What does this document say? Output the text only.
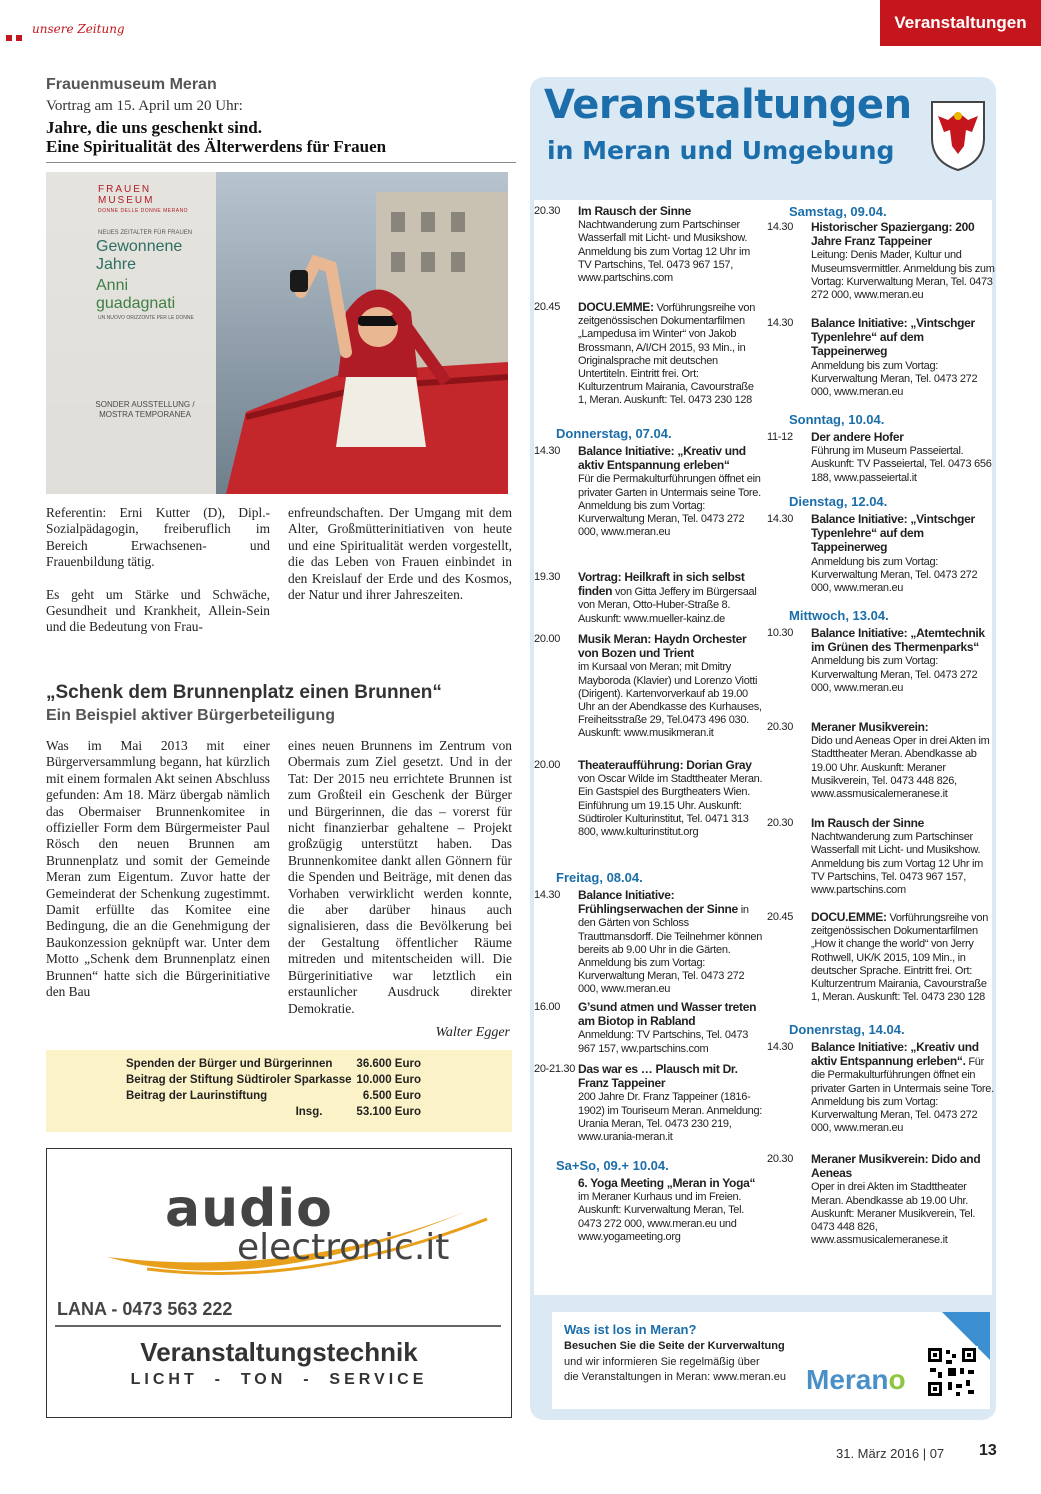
unsere Zeitung	Veranstaltungen
Frauenmuseum Meran
Vortrag am 15. April um 20 Uhr:
Jahre, die uns geschenkt sind.
Eine Spiritualität des Älterwerdens für Frauen
FRAUEN
MUSEUM
DONNE DELLE DONNE MERANO
NEUES ZEITALTER FÜR FRAUEN
Gewonnene
Jahre
Anni
guadagnati
UN NUOVO ORIZZONTE PER LE DONNE
SONDER AUSSTELLUNG /
MOSTRA TEMPORANEA

Referentin: Erni Kutter (D), Dipl.-Sozialpädagogin, freiberuflich im Bereich Erwachsenen- und Frauenbildung tätig.

Es geht um Stärke und Schwäche, Gesundheit und Krankheit, Allein-Sein und die Bedeutung von Frau-

enfreundschaften. Der Umgang mit dem Alter, Großmütterinitiativen von heute und eine Spiritualität werden vorgestellt, die das Leben von Frauen einbindet in den Kreislauf der Erde und des Kosmos, der Natur und ihrer Jahreszeiten.

„Schenk dem Brunnenplatz einen Brunnen“
Ein Beispiel aktiver Bürgerbeteiligung
Was im Mai 2013 mit einer Bürgerversammlung begann, hat kürzlich mit einem formalen Akt seinen Abschluss gefunden: Am 18. März übergab nämlich das Obermaiser Brunnenkomitee in offizieller Form dem Bürgermeister Paul Rösch den neuen Brunnen am Brunnenplatz und somit der Gemeinde Meran zum Eigentum. Zuvor hatte der Gemeinderat der Schenkung zugestimmt. Damit erfüllte das Komitee eine Bedingung, die an die Genehmigung der Baukonzession geknüpft war. Unter dem Motto „Schenk dem Brunnenplatz einen Brunnen“ hatte sich die Bürgerinitiative den Bau
eines neuen Brunnens im Zentrum von Obermais zum Ziel gesetzt. Und in der Tat: Der 2015 neu errichtete Brunnen ist zum Großteil ein Geschenk der Bürger und Bürgerinnen, die das – vorerst für nicht finanzierbar gehaltene – Projekt großzügig unterstützt haben. Das Brunnenkomitee dankt allen Gönnern für die Spenden und Beiträge, mit denen das Vorhaben verwirklicht werden konnte, die aber darüber hinaus auch signalisieren, dass die Bevölkerung bei der Gestaltung öffentlicher Räume mitreden und mitentscheiden will. Die Bürgerinitiative war letztlich ein erstaunlicher Ausdruck direkter Demokratie.
Walter Egger
Spenden der Bürger und Bürgerinnen 36.600 Euro
Beitrag der Stiftung Südtiroler Sparkasse 10.000 Euro
Beitrag der Laurinstiftung	6.500 Euro
Insg.	53.100 Euro
audio
electronic.it
LANA - 0473 563 222
Veranstaltungstechnik
LICHT  -  TON  -  SERVICE
Veranstaltungen
in Meran und Umgebung
20.30	Im Rausch der Sinne
Nachtwanderung zum Partschinser Wasserfall mit Licht- und Musikshow. Anmeldung bis zum Vortag 12 Uhr im TV Partschins, Tel. 0473 967 157, www.partschins.com
20.45	DOCU.EMME: Vorführungsreihe von zeitgenössischen Dokumentarfilmen „Lampedusa im Winter“ von Jakob Brossmann, A/I/CH 2015, 93 Min., in Originalsprache mit deutschen Untertiteln. Eintritt frei. Ort: Kulturzentrum Mairania, Cavourstraße 1, Meran. Auskunft: Tel. 0473 230 128
Donnerstag, 07.04.
14.30	Balance Initiative: „Kreativ und aktiv Entspannung erleben“
Für die Permakulturführungen öffnet ein privater Garten in Untermais seine Tore. Anmeldung bis zum Vortag: Kurverwaltung Meran, Tel. 0473 272 000, www.meran.eu
19.30	Vortrag: Heilkraft in sich selbst finden von Gitta Jeffery im Bürgersaal von Meran, Otto-Huber-Straße 8. Auskunft: www.mueller-kainz.de
20.00	Musik Meran: Haydn Orchester von Bozen und Trient
im Kursaal von Meran; mit Dmitry Mayboroda (Klavier) und Lorenzo Viotti (Dirigent). Kartenvorverkauf ab 19.00 Uhr an der Abendkasse des Kurhauses, Freiheitsstraße 29, Tel.0473 496 030. Auskunft: www.musikmeran.it
20.00	Theateraufführung: Dorian Gray von Oscar Wilde im Stadttheater Meran. Ein Gastspiel des Burgtheaters Wien. Einführung um 19.15 Uhr. Auskunft: Südtiroler Kulturinstitut, Tel. 0471 313 800, www.kulturinstitut.org
Freitag, 08.04.
14.30	Balance Initiative: Frühlingserwachen der Sinne in den Gärten von Schloss Trauttmansdorff. Die Teilnehmer können bereits ab 9.00 Uhr in die Gärten. Anmeldung bis zum Vortag: Kurverwaltung Meran, Tel. 0473 272 000, www.meran.eu
16.00	G’sund atmen und Wasser treten am Biotop in Rabland
Anmeldung: TV Partschins, Tel. 0473 967 157, ww.partschins.com
20-21.30 Das war es … Plausch mit Dr. Franz Tappeiner
200 Jahre Dr. Franz Tappeiner (1816-1902) im Touriseum Meran. Anmeldung: Urania Meran, Tel. 0473 230 219, www.urania-meran.it
Sa+So, 09.+ 10.04.
6. Yoga Meeting „Meran in Yoga“ im Meraner Kurhaus und im Freien. Auskunft: Kurverwaltung Meran, Tel. 0473 272 000, www.meran.eu und www.yogameeting.org
Samstag, 09.04.
14.30	Historischer Spaziergang: 200 Jahre Franz Tappeiner
Leitung: Denis Mader, Kultur und Museumsvermittler. Anmeldung bis zum Vortag: Kurverwaltung Meran, Tel. 0473 272 000, www.meran.eu
14.30	Balance Initiative: „Vintschger Typenlehre“ auf dem Tappeinerweg
Anmeldung bis zum Vortag: Kurverwaltung Meran, Tel. 0473 272 000, www.meran.eu
Sonntag, 10.04.
11-12	Der andere Hofer
Führung im Museum Passeiertal. Auskunft: TV Passeiertal, Tel. 0473 656 188, www.passeiertal.it
Dienstag, 12.04.
14.30	Balance Initiative: „Vintschger Typenlehre“ auf dem Tappeinerweg
Anmeldung bis zum Vortag: Kurverwaltung Meran, Tel. 0473 272 000, www.meran.eu
Mittwoch, 13.04.
10.30	Balance Initiative: „Atemtechnik im Grünen des Thermenparks“
Anmeldung bis zum Vortag: Kurverwaltung Meran, Tel. 0473 272 000, www.meran.eu
20.30	Meraner Musikverein:
Dido und Aeneas Oper in drei Akten im Stadttheater Meran. Abendkasse ab 19.00 Uhr. Auskunft: Meraner Musikverein, Tel. 0473 448 826, www.assmusicalemeranese.it
20.30	Im Rausch der Sinne
Nachtwanderung zum Partschinser Wasserfall mit Licht- und Musikshow. Anmeldung bis zum Vortag 12 Uhr im TV Partschins, Tel. 0473 967 157, www.partschins.com
20.45	DOCU.EMME: Vorführungsreihe von zeitgenössischen Dokumentarfilmen „How it change the world“ von Jerry Rothwell, UK/K 2015, 109 Min., in deutscher Sprache. Eintritt frei. Ort: Kulturzentrum Mairania, Cavourstraße 1, Meran. Auskunft: Tel. 0473 230 128
Donenrstag, 14.04.
14.30	Balance Initiative: „Kreativ und aktiv Entspannung erleben“. Für die Permakulturführungen öffnet ein privater Garten in Untermais seine Tore. Anmeldung bis zum Vortag: Kurverwaltung Meran, Tel. 0473 272 000, www.meran.eu
20.30	Meraner Musikverein: Dido and Aeneas
Oper in drei Akten im Stadttheater Meran. Abendkasse ab 19.00 Uhr. Auskunft: Meraner Musikverein, Tel. 0473 448 826, www.assmusicalemeranese.it
Was ist los in Meran?
Besuchen Sie die Seite der Kurverwaltung
und wir informieren Sie regelmäßig über
die Veranstaltungen in Meran: www.meran.eu Merano
31. März 2016 | 07 13
